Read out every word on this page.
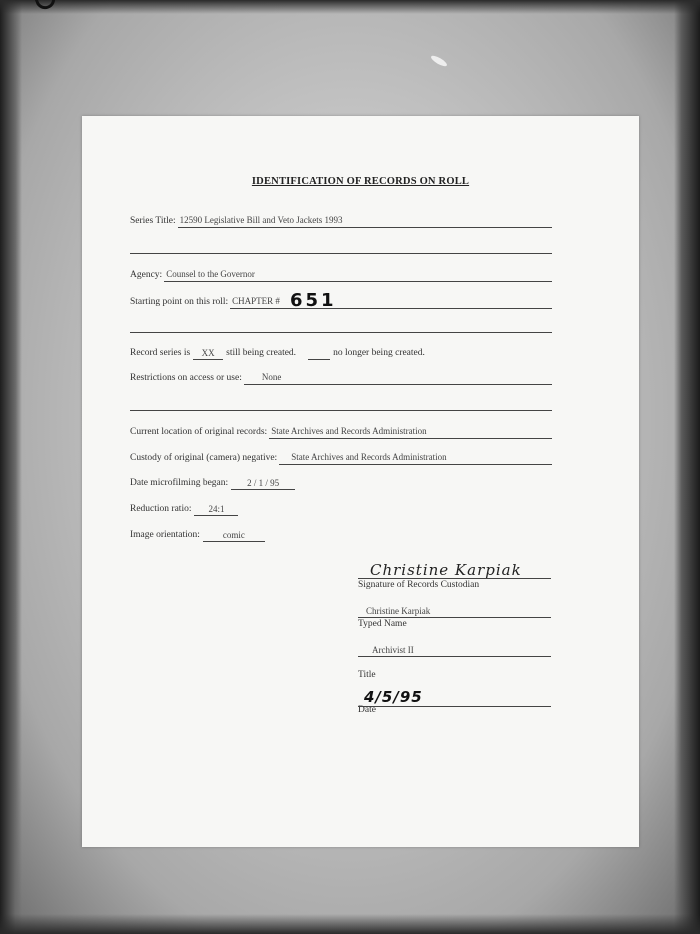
IDENTIFICATION OF RECORDS ON ROLL
Series Title: 12590 Legislative Bill and Veto Jackets 1993
Agency: Counsel to the Governor
Starting point on this roll: CHAPTER # 651
Record series is	XX	still being created.	no longer being created.
Restrictions on access or use:	None
Current location of original records: State Archives and Records Administration
Custody of original (camera) negative:	State Archives and Records Administration
Date microfilming began:	2 / 1 / 95
Reduction ratio:	24:1
Image orientation:	comic
Christine Karpiak
Signature of Records Custodian
Christine Karpiak
Typed Name
Archivist II
Title
4/5/95
Date
